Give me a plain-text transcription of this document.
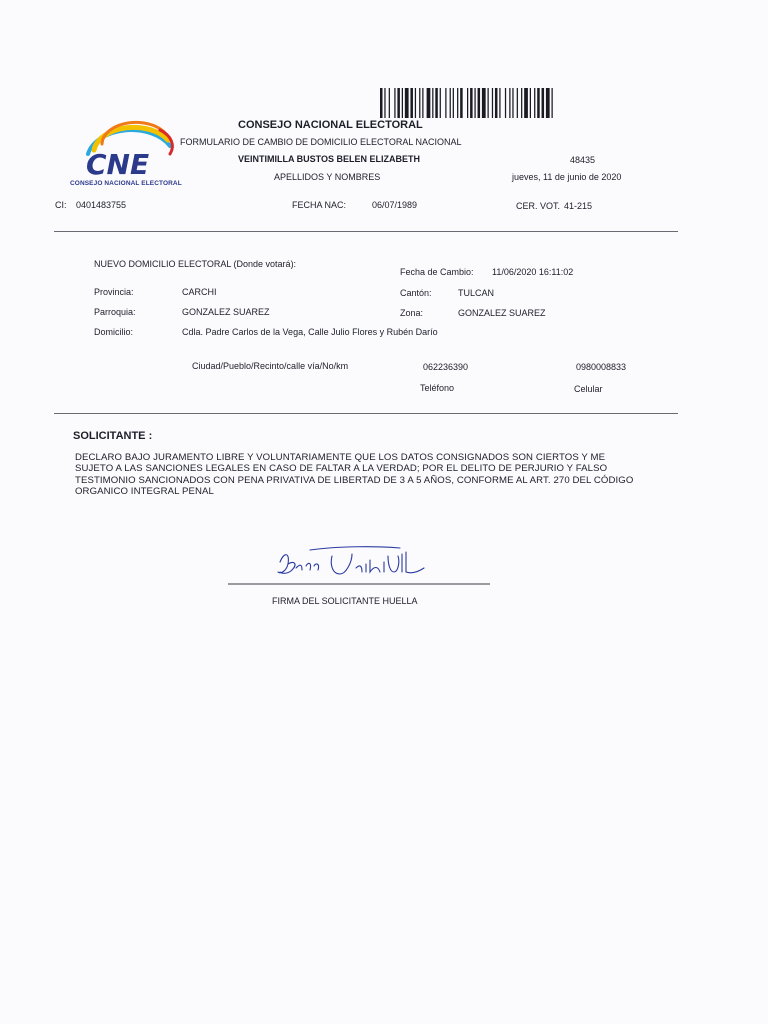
CNE
CONSEJO NACIONAL ELECTORAL
CONSEJO NACIONAL ELECTORAL
FORMULARIO DE CAMBIO DE DOMICILIO ELECTORAL NACIONAL
VEINTIMILLA BUSTOS BELEN ELIZABETH	48435
APELLIDOS Y NOMBRES	jueves, 11 de junio de 2020
CI: 0401483755	FECHA NAC:	06/07/1989	CER. VOT. 41-215
NUEVO DOMICILIO ELECTORAL (Donde votará):
Fecha de Cambio: 11/06/2020 16:11:02
Provincia:	CARCHI	Cantón:	TULCAN
Parroquia:	GONZALEZ SUAREZ	Zona:	GONZALEZ SUAREZ
Domicilio:	Cdla. Padre Carlos de la Vega, Calle Julio Flores y Rubén Darío
Ciudad/Pueblo/Recinto/calle vía/No/km	062236390	0980008833
Teléfono	Celular
SOLICITANTE :
DECLARO BAJO JURAMENTO LIBRE Y VOLUNTARIAMENTE QUE LOS DATOS CONSIGNADOS SON CIERTOS Y ME SUJETO A LAS SANCIONES LEGALES EN CASO DE FALTAR A LA VERDAD; POR EL DELITO DE PERJURIO Y FALSO TESTIMONIO SANCIONADOS CON PENA PRIVATIVA DE LIBERTAD DE 3 A 5 AÑOS, CONFORME AL ART. 270 DEL CÓDIGO ORGANICO INTEGRAL PENAL
FIRMA DEL SOLICITANTE HUELLA
